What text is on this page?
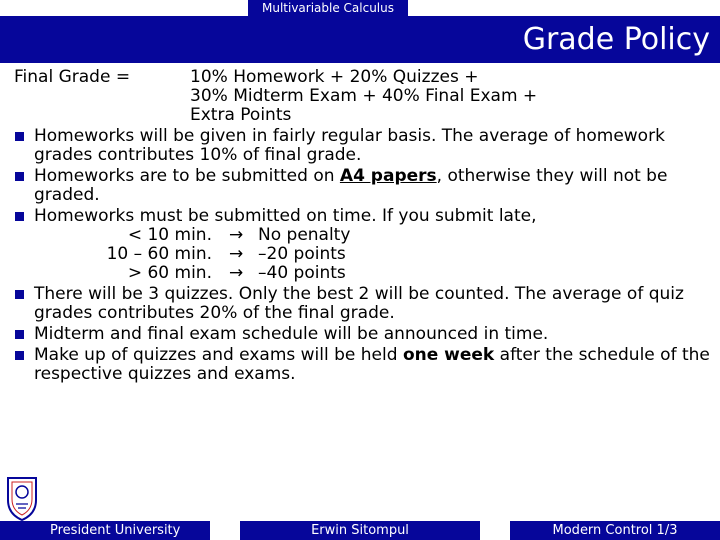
Multivariable Calculus
Grade Policy
Final Grade =	10% Homework + 20% Quizzes +
30% Midterm Exam + 40% Final Exam +
Extra Points
Homeworks will be given in fairly regular basis. The average of homework grades contributes 10% of final grade.
Homeworks are to be submitted on A4 papers, otherwise they will not be graded.
Homeworks must be submitted on time. If you submit late,
< 10 min. → No penalty
10 – 60 min. → –20 points
> 60 min. → –40 points
There will be 3 quizzes. Only the best 2 will be counted. The average of quiz grades contributes 20% of the final grade.
Midterm and final exam schedule will be announced in time.
Make up of quizzes and exams will be held one week after the schedule of the respective quizzes and exams.
President University	Erwin Sitompul	Modern Control 1/3
